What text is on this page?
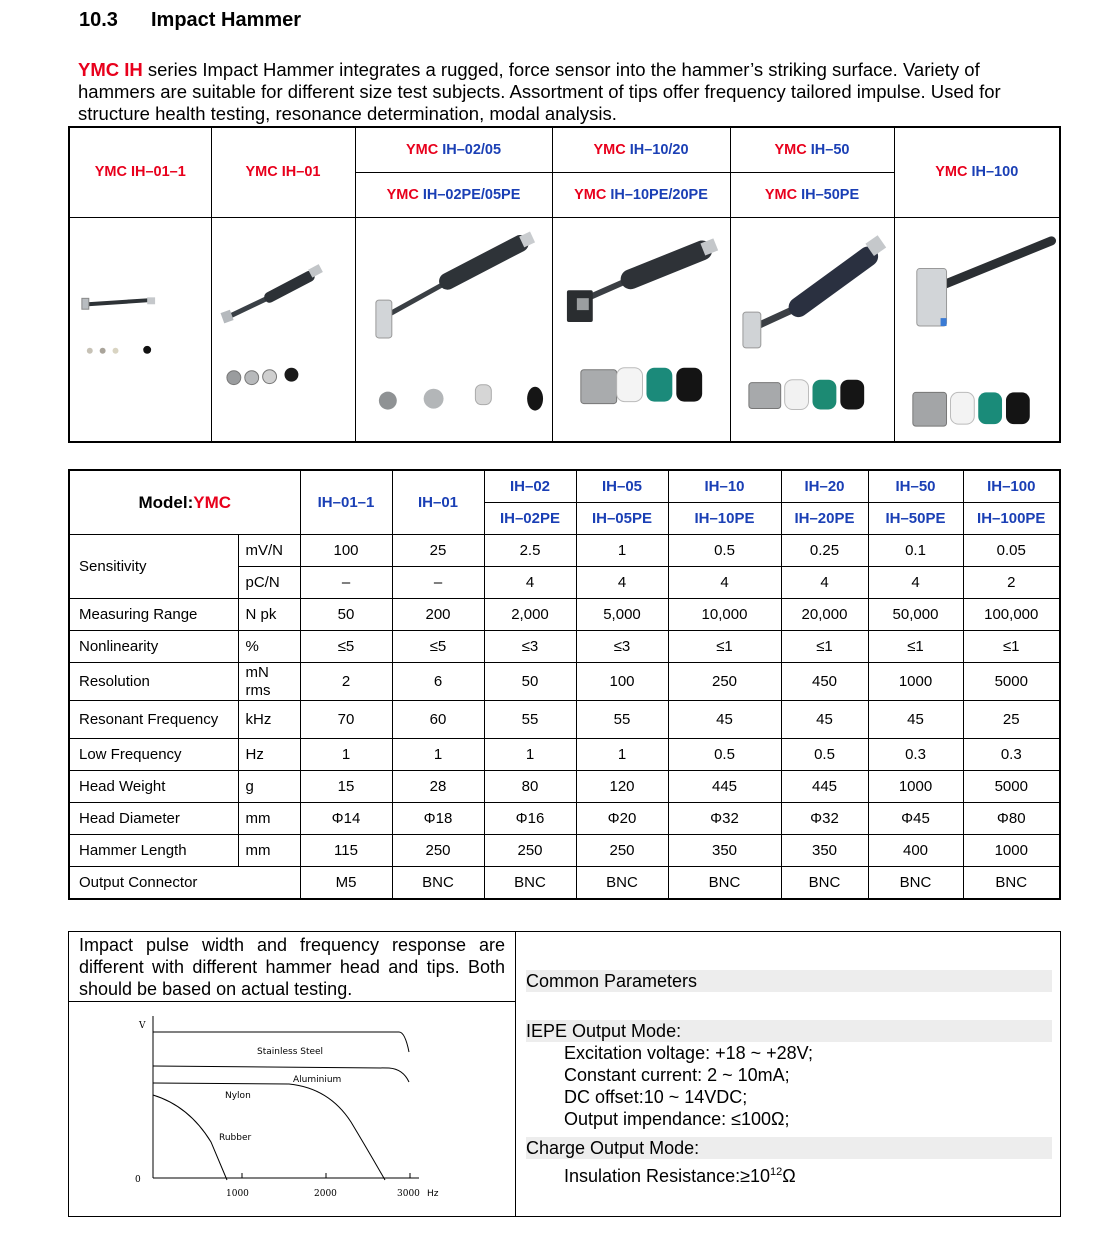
10.3 Impact Hammer
YMC IH series Impact Hammer integrates a rugged, force sensor into the hammer’s striking surface. Variety of hammers are suitable for different size test subjects. Assortment of tips offer frequency tailored impulse. Used for structure health testing, resonance determination, modal analysis.
YMC IH–01–1	YMC IH–01	YMC IH–02/05	YMC IH–10/20	YMC IH–50	YMC IH–100
		YMC IH–02PE/05PE	YMC IH–10PE/20PE	YMC IH–50PE	

Model:YMC		IH–01–1	IH–01	IH–02	IH–05	IH–10	IH–20	IH–50	IH–100
				IH–02PE	IH–05PE	IH–10PE	IH–20PE	IH–50PE	IH–100PE
Sensitivity	mV/N	100	25	2.5	1	0.5	0.25	0.1	0.05
	pC/N	–	–	4	4	4	4	4	2
Measuring Range	N pk	50	200	2,000	5,000	10,000	20,000	50,000	100,000
Nonlinearity	%	≤5	≤5	≤3	≤3	≤1	≤1	≤1	≤1
Resolution	mN rms	2	6	50	100	250	450	1000	5000
Resonant Frequency	kHz	70	60	55	55	45	45	45	25
Low Frequency	Hz	1	1	1	1	0.5	0.5	0.3	0.3
Head Weight	g	15	28	80	120	445	445	1000	5000
Head Diameter	mm	Φ14	Φ18	Φ16	Φ20	Φ32	Φ32	Φ45	Φ80
Hammer Length	mm	115	250	250	250	350	350	400	1000
Output Connector		M5	BNC	BNC	BNC	BNC	BNC	BNC	BNC
Impact pulse width and frequency response are different with different hammer head and tips. Both should be based on actual testing.
V
0
1000	2000	3000 Hz
Stainless Steel
Aluminium
Nylon
Rubber
Common Parameters
IEPE Output Mode:
Excitation voltage: +18 ~ +28V;
Constant current: 2 ~ 10mA;
DC offset:10 ~ 14VDC;
Output impendance: ≤100Ω;
Charge Output Mode:
Insulation $Resistance:\ge 10^{12}\Omega$
